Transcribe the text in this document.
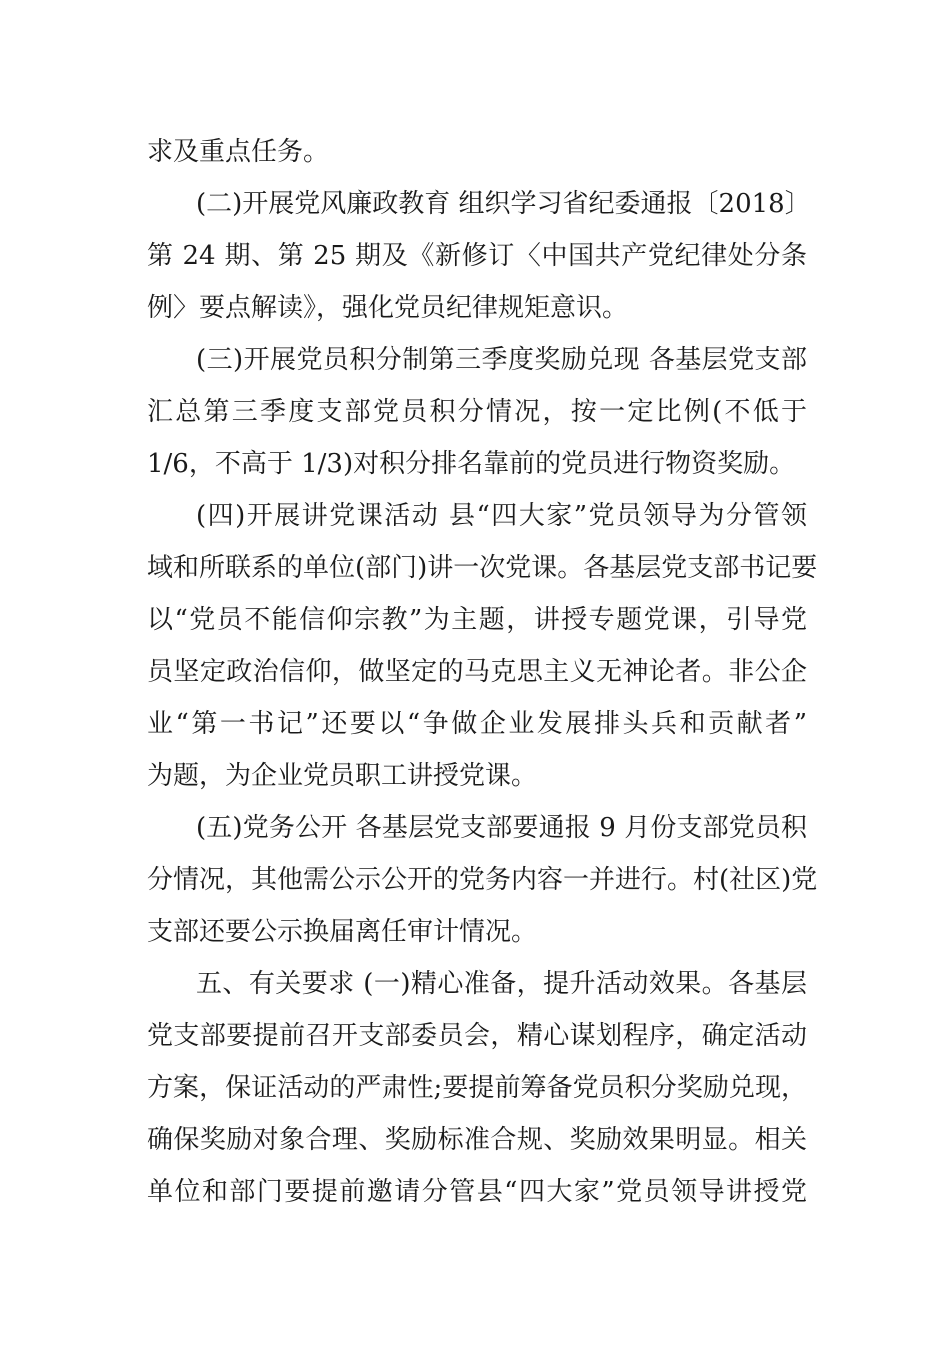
求及重点任务。
(二)开展党风廉政教育 组织学习省纪委通报〔2018〕
第 24 期、第 25 期及《新修订〈中国共产党纪律处分条
例〉要点解读》，强化党员纪律规矩意识。
(三)开展党员积分制第三季度奖励兑现 各基层党支部
汇总第三季度支部党员积分情况，按一定比例(不低于
1/6，不高于 1/3)对积分排名靠前的党员进行物资奖励。
(四)开展讲党课活动 县“四大家”党员领导为分管领
域和所联系的单位(部门)讲一次党课。各基层党支部书记要
以“党员不能信仰宗教”为主题，讲授专题党课，引导党
员坚定政治信仰，做坚定的马克思主义无神论者。非公企
业“第一书记”还要以“争做企业发展排头兵和贡献者”
为题，为企业党员职工讲授党课。
(五)党务公开 各基层党支部要通报 9 月份支部党员积
分情况，其他需公示公开的党务内容一并进行。村(社区)党
支部还要公示换届离任审计情况。
五、有关要求 (一)精心准备，提升活动效果。各基层
党支部要提前召开支部委员会，精心谋划程序，确定活动
方案，保证活动的严肃性;要提前筹备党员积分奖励兑现，
确保奖励对象合理、奖励标准合规、奖励效果明显。相关
单位和部门要提前邀请分管县“四大家”党员领导讲授党
